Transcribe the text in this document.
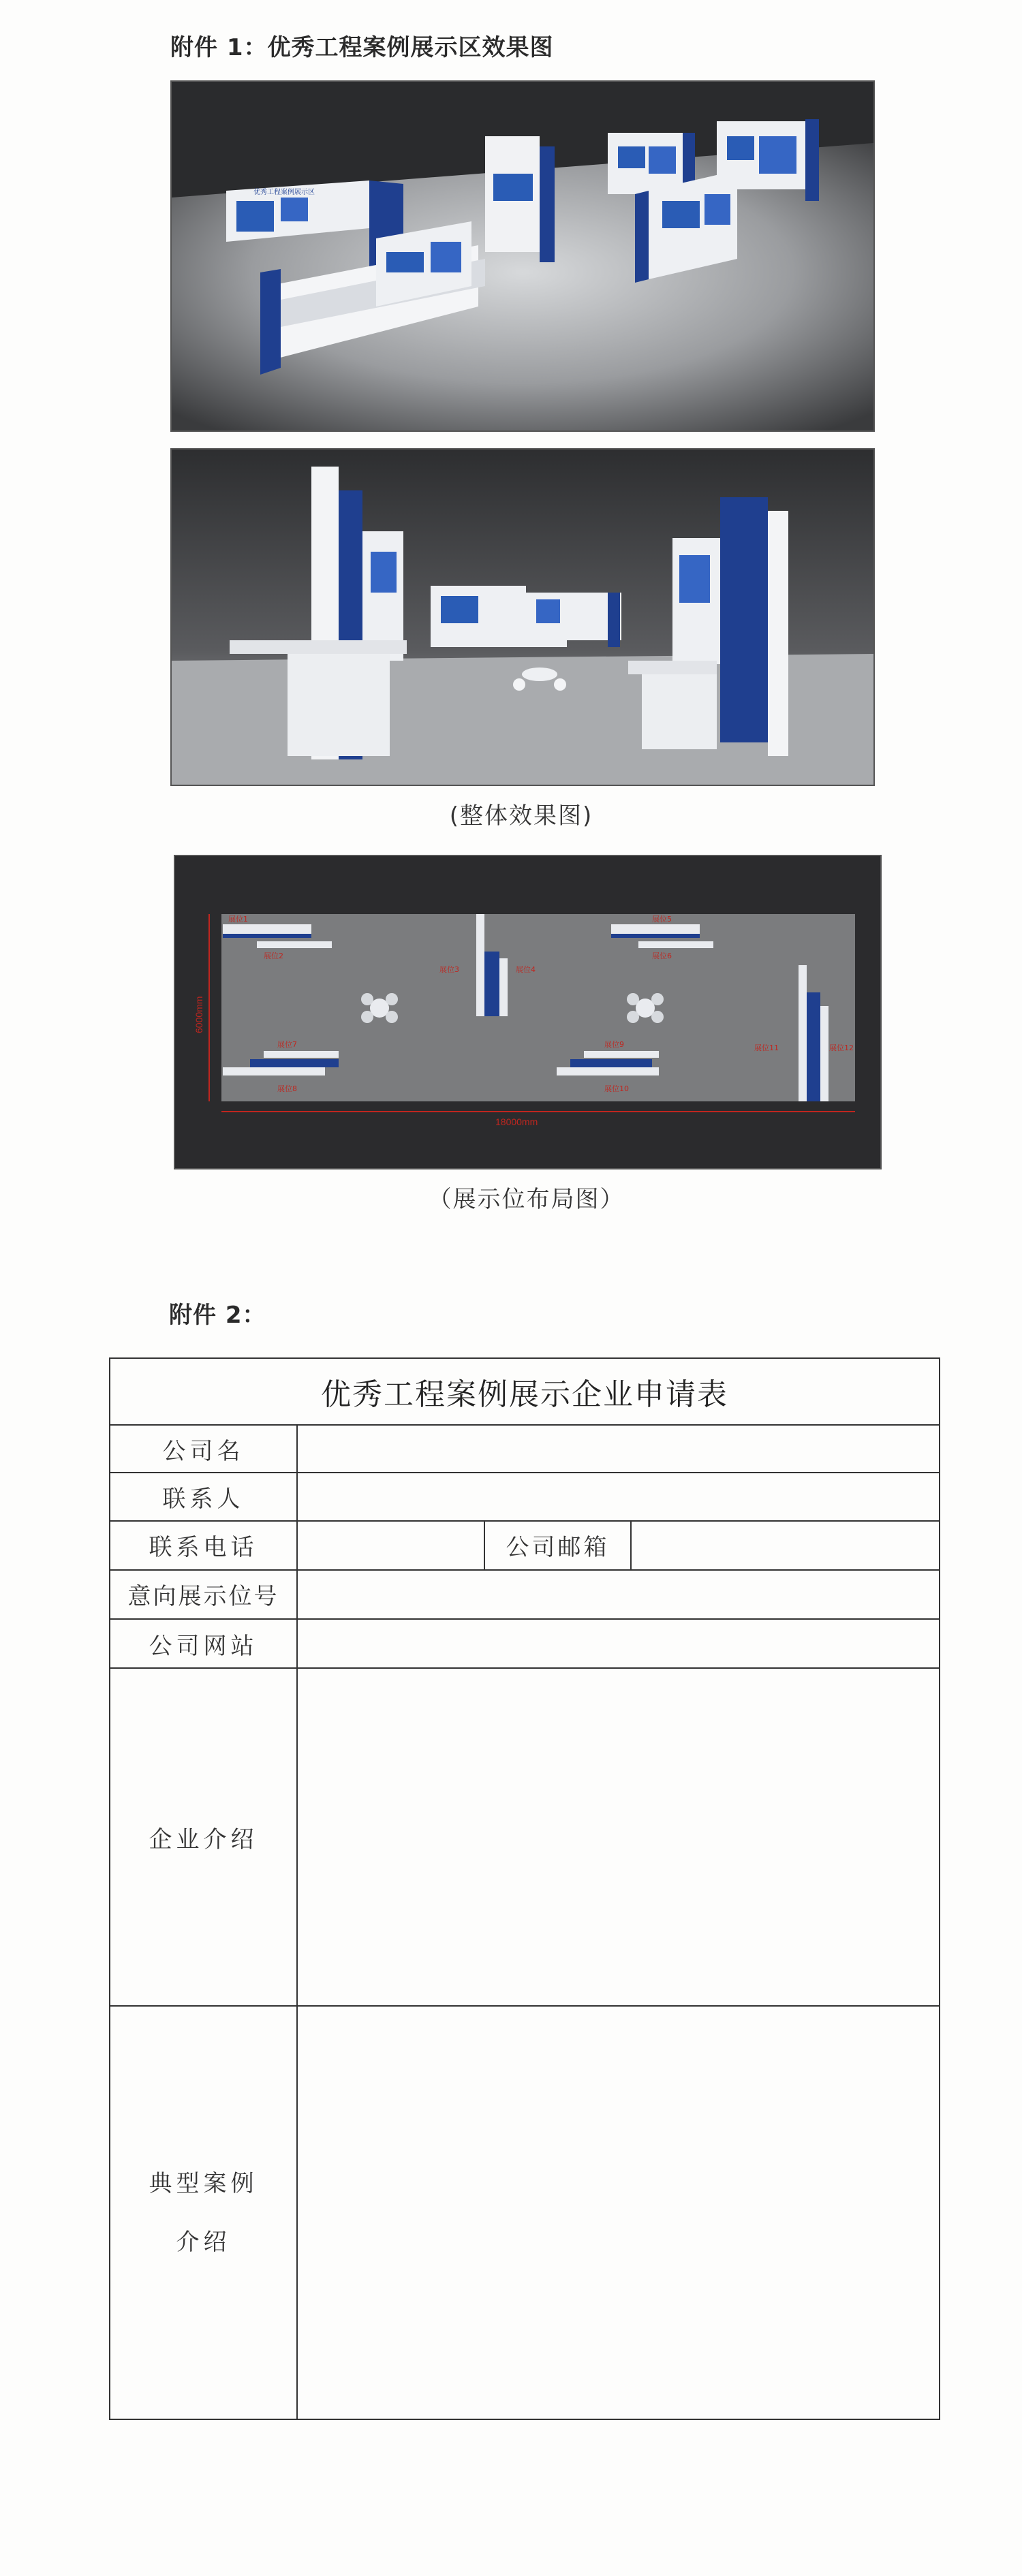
附件 1：优秀工程案例展示区效果图
优秀工程案例展示区
(整体效果图)
18000mm
6000mm
展位1
展位2
展位3	展位4
展位5
展位6
展位7
展位8
展位9
展位10
展位11	展位12
（展示位布局图）
附件 2：
优秀工程案例展示企业申请表			
公司名			
联系人			
联系电话		公司邮箱	
意向展示位号			
公司网站			
企业介绍			

典型案例
介绍			
